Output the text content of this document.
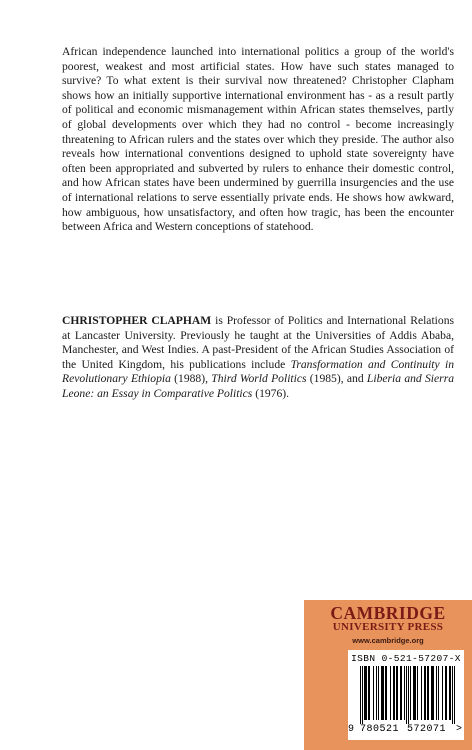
African independence launched into international politics a group of the world's poorest, weakest and most artificial states. How have such states managed to survive? To what extent is their survival now threatened? Christopher Clapham shows how an initially supportive international environment has - as a result partly of political and economic mismanagement within African states themselves, partly of global developments over which they had no control - become increasingly threatening to African rulers and the states over which they preside. The author also reveals how international conventions designed to uphold state sovereignty have often been appropriated and subverted by rulers to enhance their domestic control, and how African states have been undermined by guerrilla insurgencies and the use of international relations to serve essentially private ends. He shows how awkward, how ambiguous, how unsatisfactory, and often how tragic, has been the encounter between Africa and Western conceptions of statehood.

CHRISTOPHER CLAPHAM is Professor of Politics and International Relations at Lancaster University. Previously he taught at the Universities of Addis Ababa, Manchester, and West Indies. A past-President of the African Studies Association of the United Kingdom, his publications include Transformation and Continuity in Revolutionary Ethiopia (1988), Third World Politics (1985), and Liberia and Sierra Leone: an Essay in Comparative Politics (1976).

CAMBRIDGE
UNIVERSITY PRESS
www.cambridge.org
ISBN 0-521-57207-X
9 780521 572071 >
